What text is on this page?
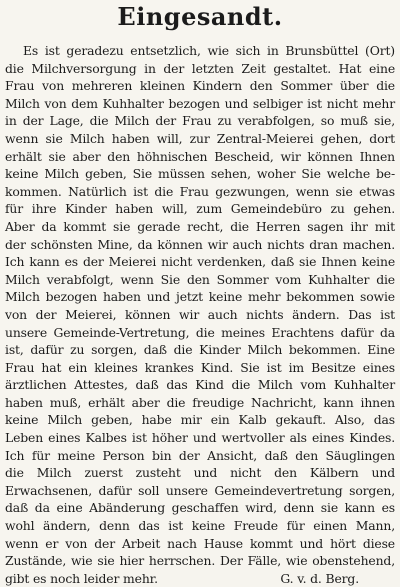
Eingesandt.
Es ist geradezu entsetzlich, wie sich in Brunsbüttel (Ort)
die Milchversorgung in der letzten Zeit gestaltet. Hat eine
Frau von mehreren kleinen Kindern den Sommer über die
Milch von dem Kuhhalter bezogen und selbiger ist nicht mehr
in der Lage, die Milch der Frau zu verabfolgen, so muß sie,
wenn sie Milch haben will, zur Zentral-Meierei gehen, dort
erhält sie aber den höhnischen Bescheid, wir können Ihnen
keine Milch geben, Sie müssen sehen, woher Sie welche be-
kommen. Natürlich ist die Frau gezwungen, wenn sie etwas
für ihre Kinder haben will, zum Gemeindebüro zu gehen.
Aber da kommt sie gerade recht, die Herren sagen ihr mit
der schönsten Mine, da können wir auch nichts dran machen.
Ich kann es der Meierei nicht verdenken, daß sie Ihnen keine
Milch verabfolgt, wenn Sie den Sommer vom Kuhhalter die
Milch bezogen haben und jetzt keine mehr bekommen sowie
von der Meierei, können wir auch nichts ändern. Das ist
unsere Gemeinde-Vertretung, die meines Erachtens dafür da
ist, dafür zu sorgen, daß die Kinder Milch bekommen. Eine
Frau hat ein kleines krankes Kind. Sie ist im Besitze eines
ärztlichen Attestes, daß das Kind die Milch vom Kuhhalter
haben muß, erhält aber die freudige Nachricht, kann ihnen
keine Milch geben, habe mir ein Kalb gekauft. Also, das
Leben eines Kalbes ist höher und wertvoller als eines Kindes.
Ich für meine Person bin der Ansicht, daß den Säuglingen
die Milch zuerst zusteht und nicht den Kälbern und
Erwachsenen, dafür soll unsere Gemeindevertretung sorgen,
daß da eine Abänderung geschaffen wird, denn sie kann es
wohl ändern, denn das ist keine Freude für einen Mann,
wenn er von der Arbeit nach Hause kommt und hört diese
Zustände, wie sie hier herrschen. Der Fälle, wie obenstehend,
gibt es noch leider mehr.	G. v. d. Berg.
